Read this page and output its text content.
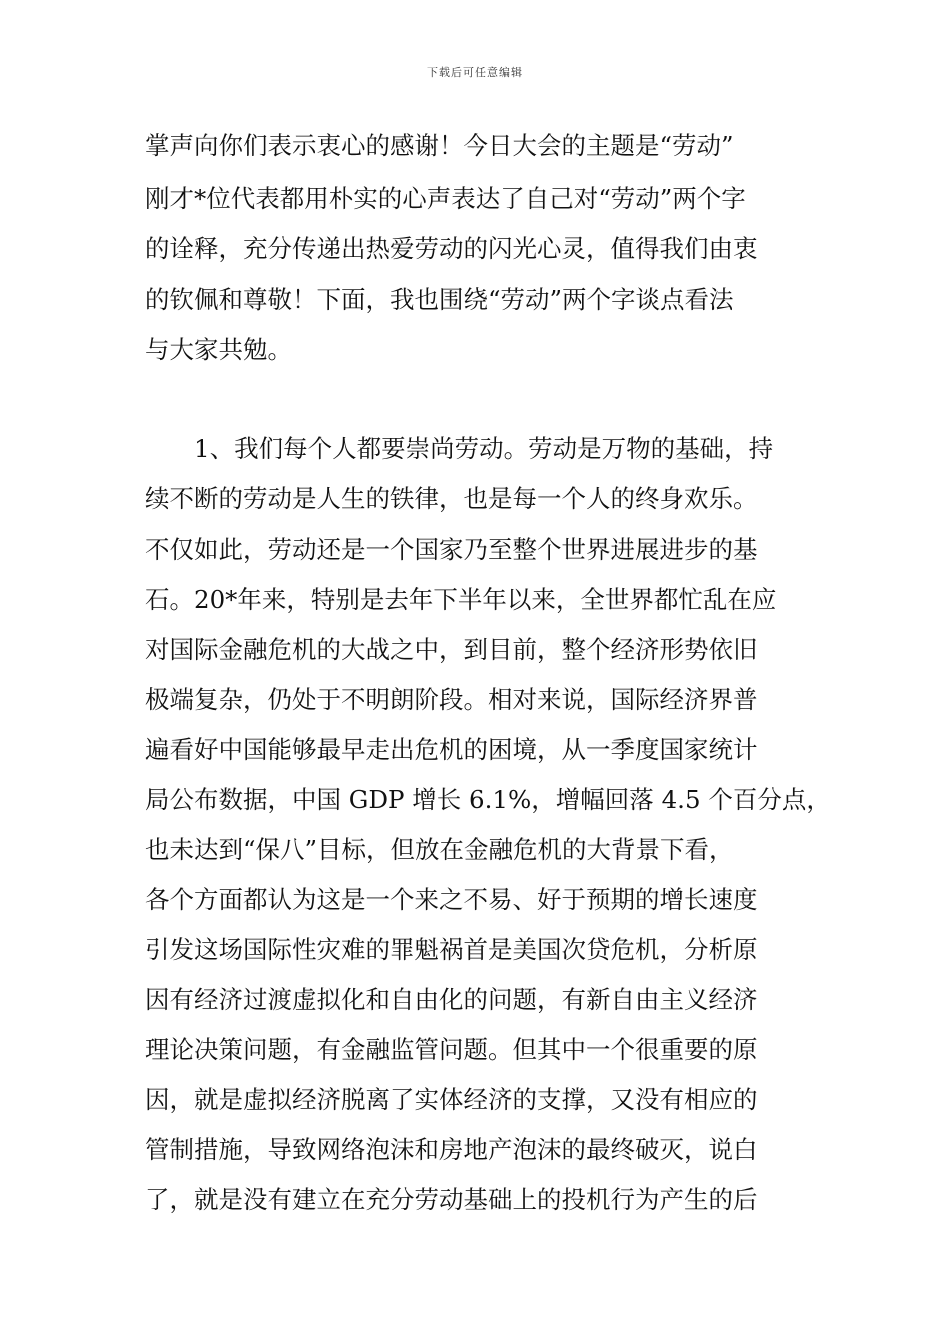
下载后可任意编辑
掌声向你们表示衷心的感谢！今日大会的主题是“劳动”
刚才*位代表都用朴实的心声表达了自己对“劳动”两个字
的诠释，充分传递出热爱劳动的闪光心灵，值得我们由衷
的钦佩和尊敬！下面，我也围绕“劳动”两个字谈点看法
与大家共勉。
1、我们每个人都要崇尚劳动。劳动是万物的基础，持
续不断的劳动是人生的铁律，也是每一个人的终身欢乐。
不仅如此，劳动还是一个国家乃至整个世界进展进步的基
石。20*年来，特别是去年下半年以来，全世界都忙乱在应
对国际金融危机的大战之中，到目前，整个经济形势依旧
极端复杂，仍处于不明朗阶段。相对来说，国际经济界普
遍看好中国能够最早走出危机的困境，从一季度国家统计
局公布数据，中国 GDP 增长 6.1%，增幅回落 4.5 个百分点，
也未达到“保八”目标，但放在金融危机的大背景下看，
各个方面都认为这是一个来之不易、好于预期的增长速度
引发这场国际性灾难的罪魁祸首是美国次贷危机，分析原
因有经济过渡虚拟化和自由化的问题，有新自由主义经济
理论决策问题，有金融监管问题。但其中一个很重要的原
因，就是虚拟经济脱离了实体经济的支撑，又没有相应的
管制措施，导致网络泡沫和房地产泡沫的最终破灭，说白
了，就是没有建立在充分劳动基础上的投机行为产生的后
